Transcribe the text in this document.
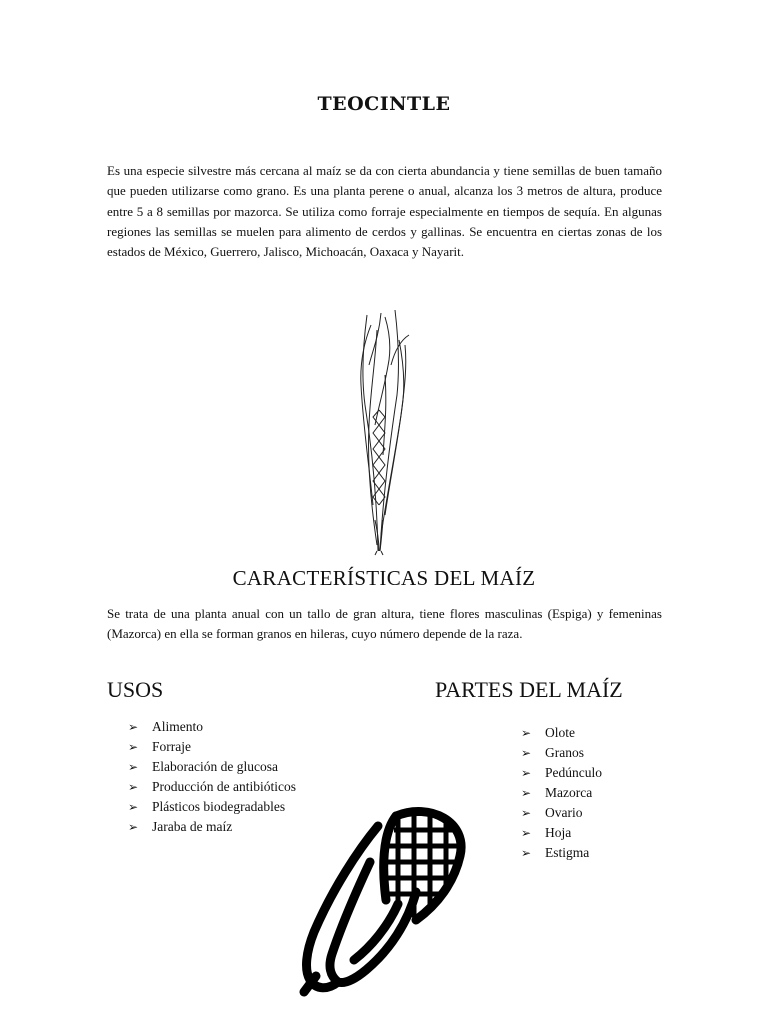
TEOCINTLE
Es una especie silvestre más cercana al maíz se da con cierta abundancia y tiene semillas de buen tamaño que pueden utilizarse como grano. Es una planta perene o anual, alcanza los 3 metros de altura, produce entre 5 a 8 semillas por mazorca. Se utiliza como forraje especialmente en tiempos de sequía. En algunas regiones las semillas se muelen para alimento de cerdos y gallinas. Se encuentra en ciertas zonas de los estados de México, Guerrero, Jalisco, Michoacán, Oaxaca y Nayarit.
CARACTERÍSTICAS DEL MAÍZ
Se trata de una planta anual con un tallo de gran altura, tiene flores masculinas (Espiga) y femeninas (Mazorca) en ella se forman granos en hileras, cuyo número depende de la raza.
USOS	PARTES DEL MAÍZ
➢ Alimento
➢ Forraje
➢ Elaboración de glucosa
➢ Producción de antibióticos
➢ Plásticos biodegradables
➢ Jaraba de maíz
➢ Olote
➢ Granos
➢ Pedúnculo
➢ Mazorca
➢ Ovario
➢ Hoja
➢ Estigma
